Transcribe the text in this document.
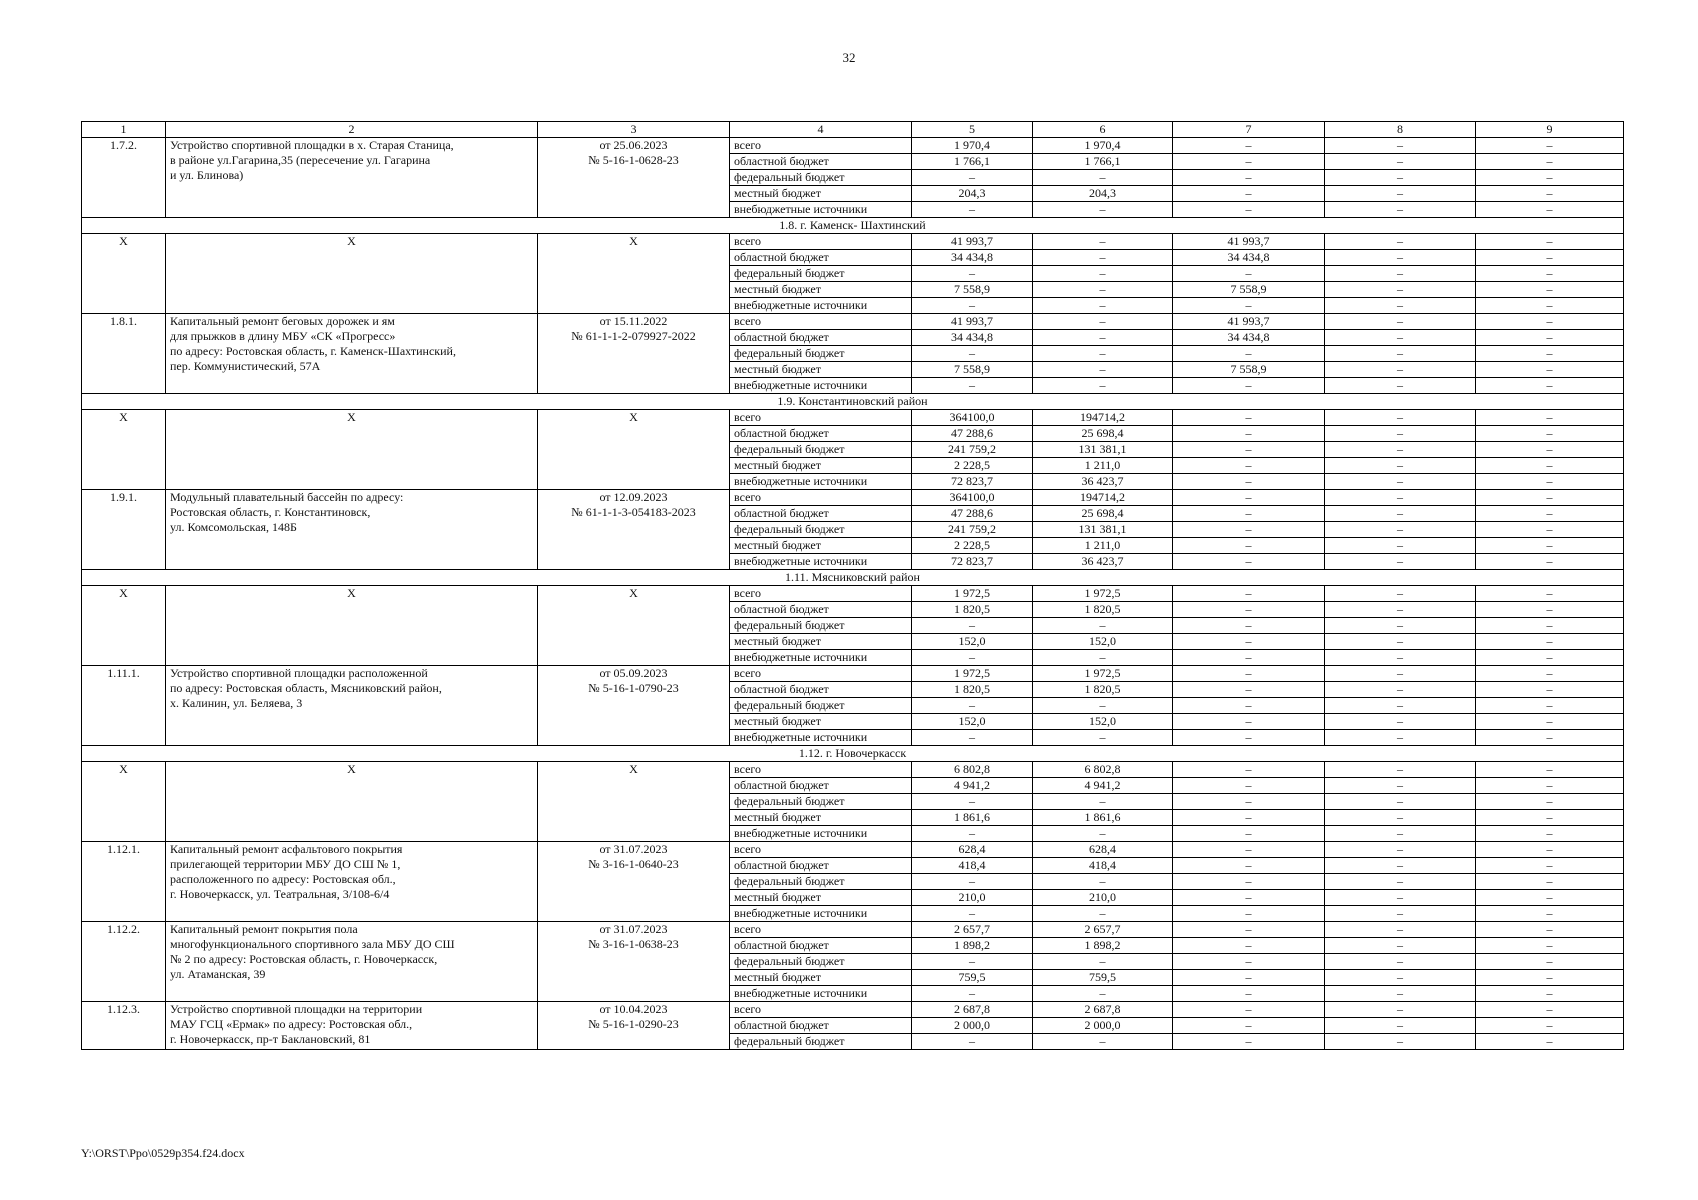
32
1	2	3	4	5	6	7	8	9
1.7.2.	Устройство спортивной площадки в х. Старая Станица,
в районе ул.Гагарина,35 (пересечение ул. Гагарина
и ул. Блинова)	от 25.06.2023
№ 5-16-1-0628-23	всего	1 970,4	1 970,4	–	–	–
			областной бюджет	1 766,1	1 766,1	–	–	–
			федеральный бюджет	–	–	–	–	–
			местный бюджет	204,3	204,3	–	–	–
			внебюджетные источники	–	–	–	–	–
1.8. г. Каменск- Шахтинский								
Х	Х	Х	всего	41 993,7	–	41 993,7	–	–
			областной бюджет	34 434,8	–	34 434,8	–	–
			федеральный бюджет	–	–	–	–	–
			местный бюджет	7 558,9	–	7 558,9	–	–
			внебюджетные источники	–	–	–	–	–
1.8.1.	Капитальный ремонт беговых дорожек и ям
для прыжков в длину МБУ «СК «Прогресс»
по адресу: Ростовская область, г. Каменск-Шахтинский,
пер. Коммунистический, 57А	от 15.11.2022
№ 61-1-1-2-079927-2022	всего	41 993,7	–	41 993,7	–	–
			областной бюджет	34 434,8	–	34 434,8	–	–
			федеральный бюджет	–	–	–	–	–
			местный бюджет	7 558,9	–	7 558,9	–	–
			внебюджетные источники	–	–	–	–	–
1.9. Константиновский район								
Х	Х	Х	всего	364100,0	194714,2	–	–	–
			областной бюджет	47 288,6	25 698,4	–	–	–
			федеральный бюджет	241 759,2	131 381,1	–	–	–
			местный бюджет	2 228,5	1 211,0	–	–	–
			внебюджетные источники	72 823,7	36 423,7	–	–	–
1.9.1.	Модульный плавательный бассейн по адресу:
Ростовская область, г. Константиновск,
ул. Комсомольская, 148Б	от 12.09.2023
№ 61-1-1-3-054183-2023	всего	364100,0	194714,2	–	–	–
			областной бюджет	47 288,6	25 698,4	–	–	–
			федеральный бюджет	241 759,2	131 381,1	–	–	–
			местный бюджет	2 228,5	1 211,0	–	–	–
			внебюджетные источники	72 823,7	36 423,7	–	–	–
1.11. Мясниковский район								
Х	Х	Х	всего	1 972,5	1 972,5	–	–	–
			областной бюджет	1 820,5	1 820,5	–	–	–
			федеральный бюджет	–	–	–	–	–
			местный бюджет	152,0	152,0	–	–	–
			внебюджетные источники	–	–	–	–	–
1.11.1.	Устройство спортивной площадки расположенной
по адресу: Ростовская область, Мясниковский район,
х. Калинин, ул. Беляева, 3	от 05.09.2023
№ 5-16-1-0790-23	всего	1 972,5	1 972,5	–	–	–
			областной бюджет	1 820,5	1 820,5	–	–	–
			федеральный бюджет	–	–	–	–	–
			местный бюджет	152,0	152,0	–	–	–
			внебюджетные источники	–	–	–	–	–
1.12. г. Новочеркасск								
Х	Х	Х	всего	6 802,8	6 802,8	–	–	–
			областной бюджет	4 941,2	4 941,2	–	–	–
			федеральный бюджет	–	–	–	–	–
			местный бюджет	1 861,6	1 861,6	–	–	–
			внебюджетные источники	–	–	–	–	–
1.12.1.	Капитальный ремонт асфальтового покрытия
прилегающей территории МБУ ДО СШ № 1,
расположенного по адресу: Ростовская обл.,
г. Новочеркасск, ул. Театральная, 3/108-6/4	от 31.07.2023
№ 3-16-1-0640-23	всего	628,4	628,4	–	–	–
			областной бюджет	418,4	418,4	–	–	–
			федеральный бюджет	–	–	–	–	–
			местный бюджет	210,0	210,0	–	–	–
			внебюджетные источники	–	–	–	–	–
1.12.2.	Капитальный ремонт покрытия пола
многофункционального спортивного зала МБУ ДО СШ
№ 2 по адресу: Ростовская область, г. Новочеркасск,
ул. Атаманская, 39	от 31.07.2023
№ 3-16-1-0638-23	всего	2 657,7	2 657,7	–	–	–
			областной бюджет	1 898,2	1 898,2	–	–	–
			федеральный бюджет	–	–	–	–	–
			местный бюджет	759,5	759,5	–	–	–
			внебюджетные источники	–	–	–	–	–
1.12.3.	Устройство спортивной площадки на территории
МАУ ГСЦ «Ермак» по адресу: Ростовская обл.,
г. Новочеркасск, пр-т Баклановский, 81	от 10.04.2023
№ 5-16-1-0290-23	всего	2 687,8	2 687,8	–	–	–
			областной бюджет	2 000,0	2 000,0	–	–	–
			федеральный бюджет	–	–	–	–	–
Y:\ORST\Ppo\0529p354.f24.docx
